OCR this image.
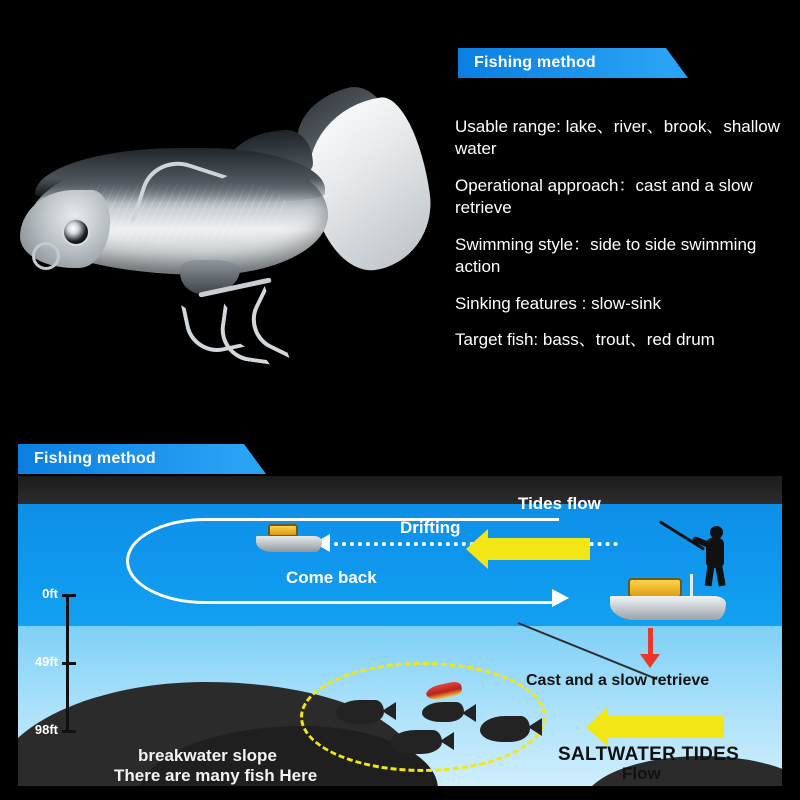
Fishing method
Usable range: lake、river、brook、shallow water
Operational approach：cast and a slow retrieve
Swimming style：side to side swimming action
Sinking features : slow-sink
Target fish: bass、trout、red drum
Fishing method
0ft
49ft
98ft
Drifting
Tides flow
Come back
Cast and a slow retrieve
SALTWATER TIDES
Flow
breakwater slope
There are many fish Here
